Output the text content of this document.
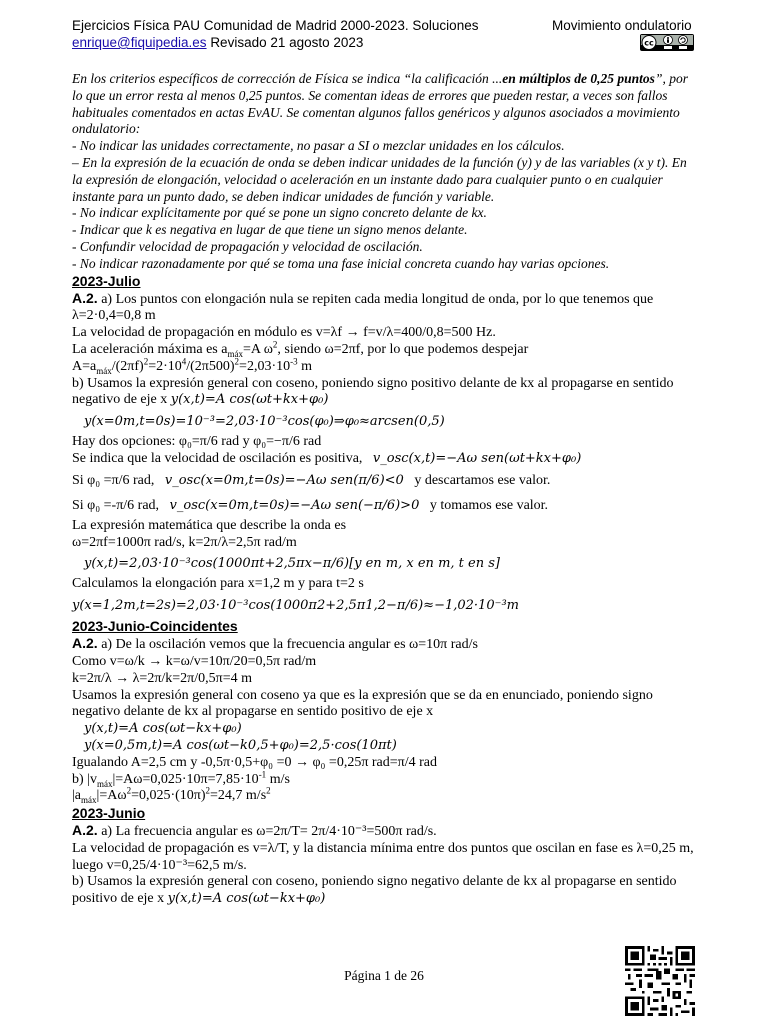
Ejercicios Física PAU Comunidad de Madrid 2000-2023. Soluciones	Movimiento ondulatorio
enrique@fiquipedia.es Revisado 21 agosto 2023	cc

En los criterios específicos de corrección de Física se indica “la calificación ...en múltiplos de 0,25 puntos”, por lo que un error resta al menos 0,25 puntos. Se comentan ideas de errores que pueden restar, a veces son fallos habituales comentados en actas EvAU. Se comentan algunos fallos genéricos y algunos asociados a movimiento ondulatorio:

- No indicar las unidades correctamente, no pasar a SI o mezclar unidades en los cálculos.

– En la expresión de la ecuación de onda se deben indicar unidades de la función (y) y de las variables (x y t). En la expresión de elongación, velocidad o aceleración en un instante dado para cualquier punto o en cualquier instante para un punto dado, se deben indicar unidades de función y variable.

- No indicar explícitamente por qué se pone un signo concreto delante de kx.

- Indicar que k es negativa en lugar de que tiene un signo menos delante.

- Confundir velocidad de propagación y velocidad de oscilación.

- No indicar razonadamente por qué se toma una fase inicial concreta cuando hay varias opciones.

2023-Julio

A.2. a) Los puntos con elongación nula se repiten cada media longitud de onda, por lo que tenemos que λ=2·0,4=0,8 m

La velocidad de propagación en módulo es v=λf → f=v/λ=400/0,8=500 Hz.

La aceleración máxima es $a_{máx}=A$ $\omega^2$, siendo ω=2πf, por lo que podemos despejar

$A=a_{máx}/(2\pi f)^2=2\cdot 10^4/(2\pi 500)^2=2,03\cdot 10^{-3}$ m

b) Usamos la expresión general con coseno, poniendo signo positivo delante de kx al propagarse en sentido negativo de eje x y(x,t)=A cos(ωt+kx+φ₀)

y(x=0m,t=0s)=10⁻³=2,03·10⁻³cos(φ₀)⇒φ₀≈arcsen(0,5)

Hay dos opciones: φ₀=π/6 rad y φ₀=−π/6 rad

Se indica que la velocidad de oscilación es positiva, v_osc(x,t)=−Aω sen(ωt+kx+φ₀)

Si φ₀ =π/6 rad, v_osc(x=0m,t=0s)=−Aω sen(π/6)<0 y descartamos ese valor.

Si φ₀ =-π/6 rad, v_osc(x=0m,t=0s)=−Aω sen(−π/6)>0 y tomamos ese valor.

La expresión matemática que describe la onda es

ω=2πf=1000π rad/s, k=2π/λ=2,5π rad/m

y(x,t)=2,03·10⁻³cos(1000πt+2,5πx−π/6)[y en m, x en m, t en s]

Calculamos la elongación para x=1,2 m y para t=2 s

y(x=1,2m,t=2s)=2,03·10⁻³cos(1000π2+2,5π1,2−π/6)≈−1,02·10⁻³m

2023-Junio-Coincidentes

A.2. a) De la oscilación vemos que la frecuencia angular es ω=10π rad/s

Como v=ω/k → k=ω/v=10π/20=0,5π rad/m

k=2π/λ → λ=2π/k=2π/0,5π=4 m

Usamos la expresión general con coseno ya que es la expresión que se da en enunciado, poniendo signo negativo delante de kx al propagarse en sentido positivo de eje x

y(x,t)=A cos(ωt−kx+φ₀)

y(x=0,5m,t)=A cos(ωt−k0,5+φ₀)=2,5·cos(10πt)

Igualando A=2,5 cm y -0,5π·0,5+φ₀ =0 → φ₀ =0,25π rad=π/4 rad

b) $|v_{máx}|=A\omega=0,025\cdot 10\pi=7,85\cdot 10^{-1}$ m/s

$|a_{máx}|=A\omega^2=0,025\cdot(10\pi)^2=24,7$ $m/s^2$

2023-Junio

A.2. a) La frecuencia angular es ω=2π/T= 2π/4·10⁻³=500π rad/s.

La velocidad de propagación es v=λ/T, y la distancia mínima entre dos puntos que oscilan en fase es λ=0,25 m, luego v=0,25/4·10⁻³=62,5 m/s.

b) Usamos la expresión general con coseno, poniendo signo negativo delante de kx al propagarse en sentido positivo de eje x y(x,t)=A cos(ωt−kx+φ₀)

Página 1 de 26
